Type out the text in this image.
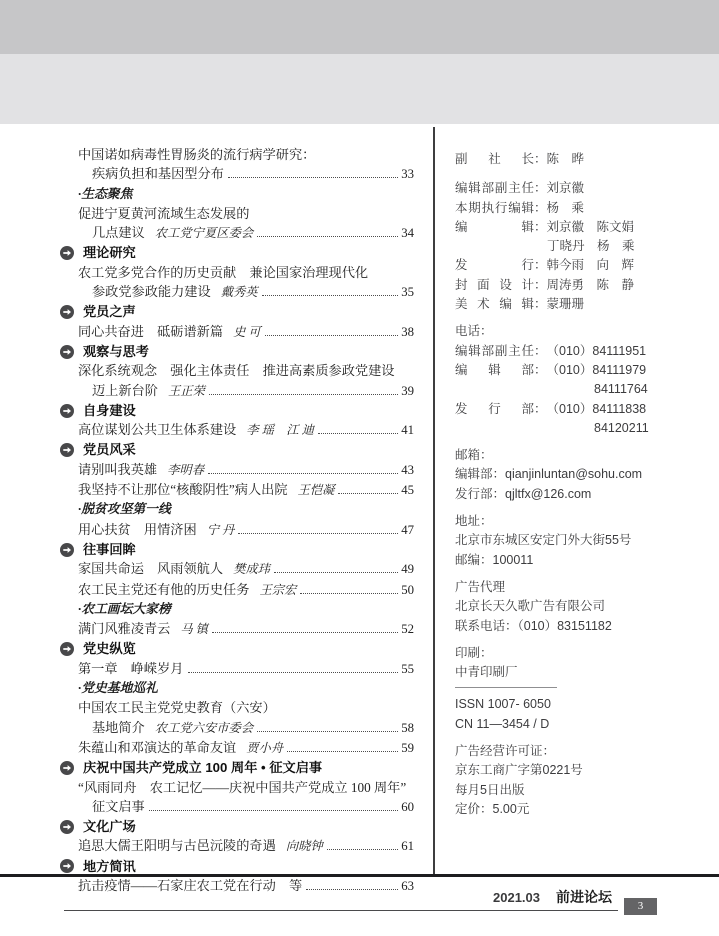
中国诺如病毒性胃肠炎的流行病学研究：
疾病负担和基因型分布	33
·生态聚焦
促进宁夏黄河流域生态发展的
几点建议 农工党宁夏区委会	34
理论研究
农工党多党合作的历史贡献　兼论国家治理现代化
参政党参政能力建设 戴秀英	35
党员之声
同心共奋进　砥砺谱新篇 史 可	38
观察与思考
深化系统观念　强化主体责任　推进高素质参政党建设
迈上新台阶 王正荣	39
自身建设
高位谋划公共卫生体系建设 李 瑶　江 迪	41
党员风采
请别叫我英雄 李明春	43
我坚持不让那位“核酸阴性”病人出院 王恺凝	45
·脱贫攻坚第一线
用心扶贫　用情济困 宁 丹	47
往事回眸
家国共命运　风雨领航人 樊成玮	49
农工民主党还有他的历史任务 王宗宏	50
·农工画坛大家榜
满门风雅凌青云 马 镇	52
党史纵览
第一章　峥嵘岁月	55
·党史基地巡礼
中国农工民主党党史教育（六安）
基地简介 农工党六安市委会	58
朱蕴山和邓演达的革命友谊 贾小舟	59
庆祝中国共产党成立 100 周年 • 征文启事
“风雨同舟　农工记忆——庆祝中国共产党成立 100 周年”
征文启事	60
文化广场
追思大儒王阳明与古邑沅陵的奇遇 向晓钟	61
地方简讯
抗击疫情——石家庄农工党在行动　等	63
副社长 ： 陈　晔
编辑部副主任 ： 刘京徽
本期执行编辑 ： 杨　乘
编辑 ： 刘京徽　陈文娟
丁晓丹　杨　乘
发行 ： 韩今雨　向　辉
封面设计 ： 周涛勇　陈　静
美术编辑 ： 蒙珊珊
电话：
编辑部副主任 ： （010）84111951
编辑部 ： （010）84111979
84111764
发行部 ： （010）84111838
84120211
邮箱：
编辑部：qianjinluntan@sohu.com
发行部：qjltfx@126.com
地址：
北京市东城区安定门外大街55号
邮编：100011
广告代理
北京长天久歌广告有限公司
联系电话：（010）83151182
印刷：
中青印刷厂
ISSN 1007- 6050
CN 11—3454 / D
广告经营许可证：
京东工商广字第0221号
每月5日出版
定价：5.00元
2021.03 前进论坛	3
